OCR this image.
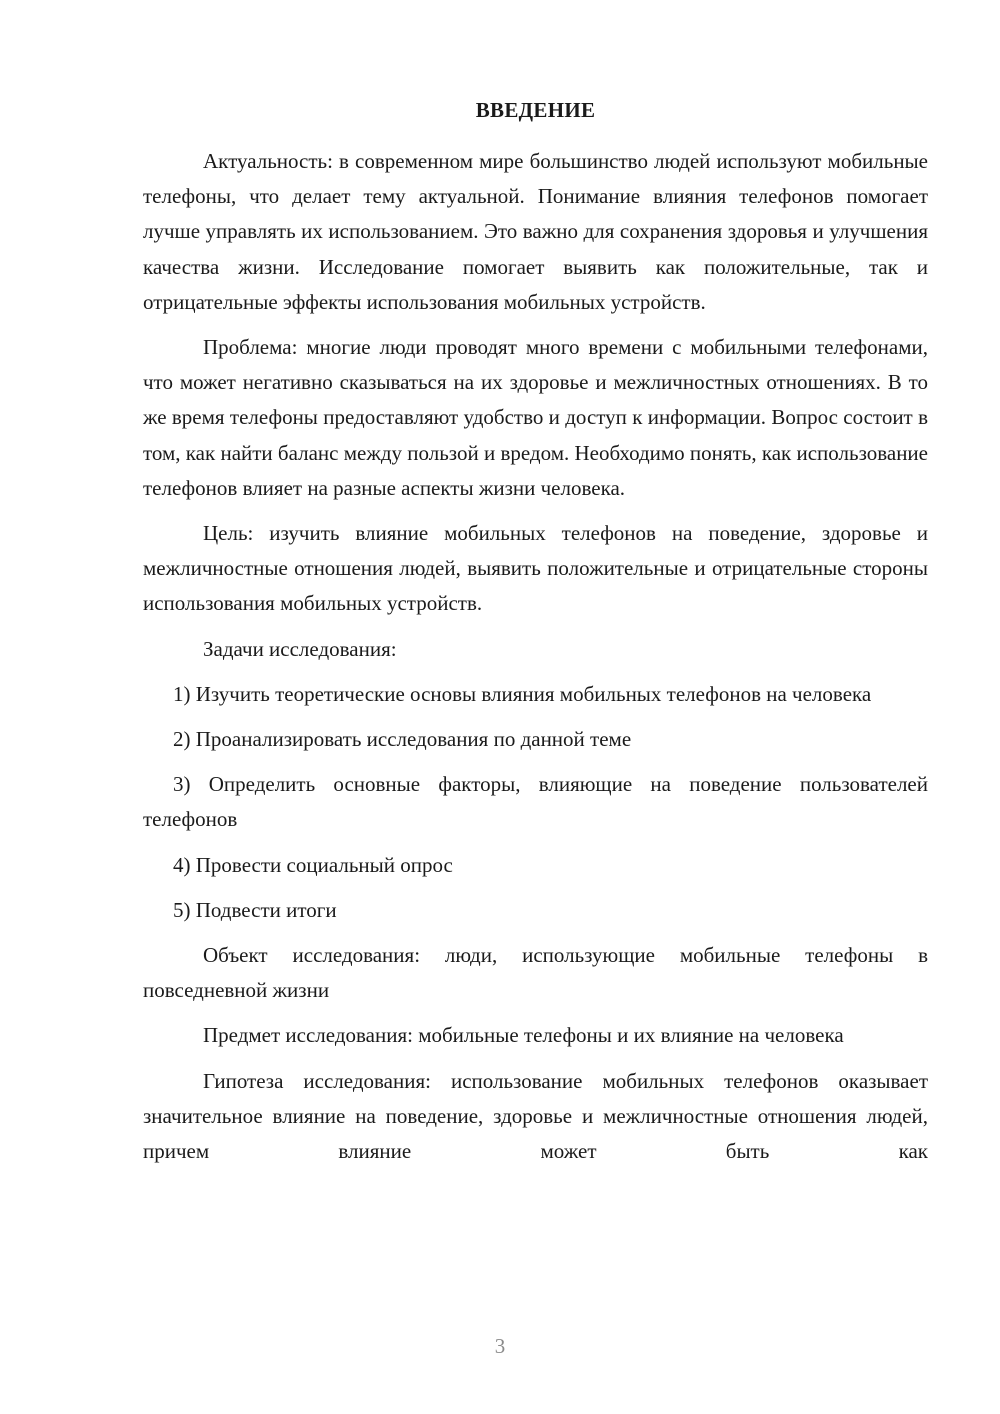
ВВЕДЕНИЕ

Актуальность: в современном мире большинство людей используют мобильные телефоны, что делает тему актуальной. Понимание влияния телефонов помогает лучше управлять их использованием. Это важно для сохранения здоровья и улучшения качества жизни. Исследование помогает выявить как положительные, так и отрицательные эффекты использования мобильных устройств.

Проблема: многие люди проводят много времени с мобильными телефонами, что может негативно сказываться на их здоровье и межличностных отношениях. В то же время телефоны предоставляют удобство и доступ к информации. Вопрос состоит в том, как найти баланс между пользой и вредом. Необходимо понять, как использование телефонов влияет на разные аспекты жизни человека.

Цель: изучить влияние мобильных телефонов на поведение, здоровье и межличностные отношения людей, выявить положительные и отрицательные стороны использования мобильных устройств.

Задачи исследования:

1) Изучить теоретические основы влияния мобильных телефонов на человека

2) Проанализировать исследования по данной теме

3) Определить основные факторы, влияющие на поведение пользователей телефонов

4) Провести социальный опрос

5) Подвести итоги

Объект исследования: люди, использующие мобильные телефоны в повседневной жизни

Предмет исследования: мобильные телефоны и их влияние на человека

Гипотеза исследования: использование мобильных телефонов оказывает значительное влияние на поведение, здоровье и межличностные отношения людей, причем влияние может быть как

3
